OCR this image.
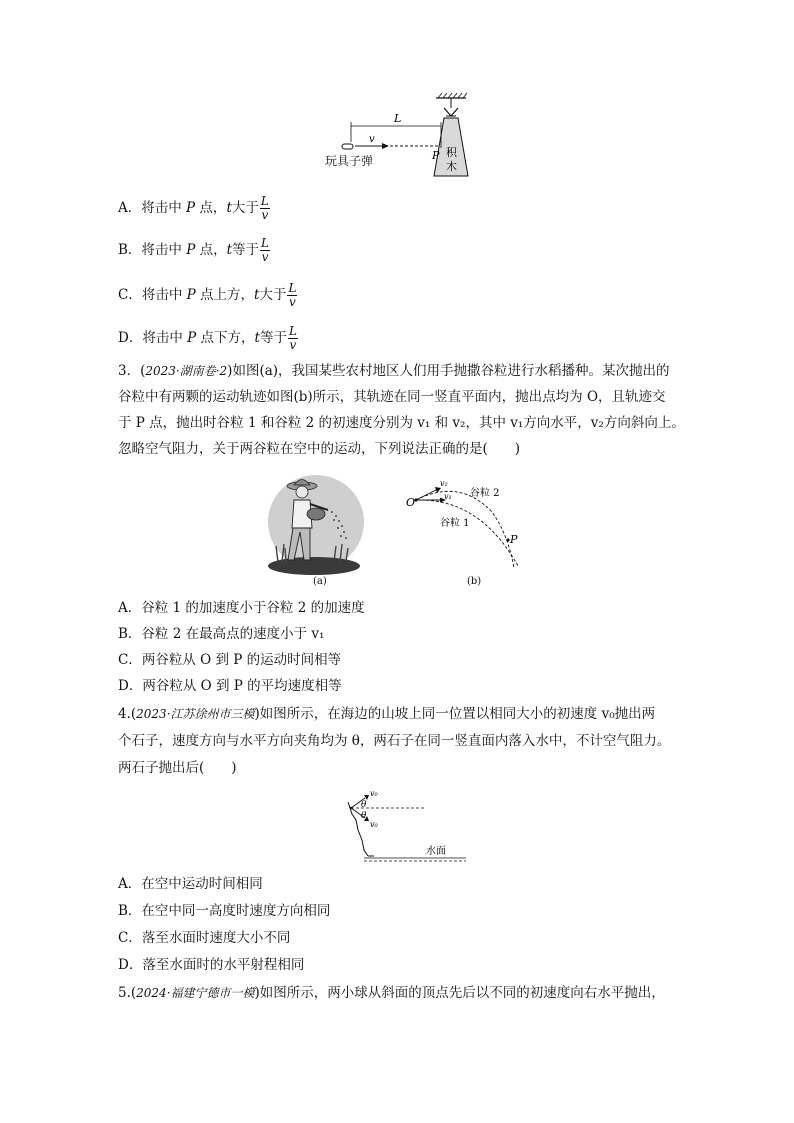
积
木
L
v
P
玩具子弹
A．将击中 P 点，t大于 $\frac{L}{v}$
B．将击中 P 点，t等于 $\frac{L}{v}$
C．将击中 P 点上方，t大于 $\frac{L}{v}$
D．将击中 P 点下方，t等于 $\frac{L}{v}$
3．(2023·湖南卷·2)如图(a)，我国某些农村地区人们用手抛撒谷粒进行水稻播种。某次抛出的
谷粒中有两颗的运动轨迹如图(b)所示，其轨迹在同一竖直平面内，抛出点均为 O，且轨迹交
于 P 点，抛出时谷粒 1 和谷粒 2 的初速度分别为 v₁ 和 v₂，其中 v₁方向水平，v₂方向斜向上。
忽略空气阻力，关于两谷粒在空中的运动，下列说法正确的是(　　)
(a)
O
v₂
v₁
P
谷粒 2
谷粒 1
(b)
A．谷粒 1 的加速度小于谷粒 2 的加速度
B．谷粒 2 在最高点的速度小于 v₁
C．两谷粒从 O 到 P 的运动时间相等
D．两谷粒从 O 到 P 的平均速度相等
4.(2023·江苏徐州市三模)如图所示，在海边的山坡上同一位置以相同大小的初速度 v₀抛出两
个石子，速度方向与水平方向夹角均为 θ，两石子在同一竖直面内落入水中，不计空气阻力。
两石子抛出后(　　)
v₀
θ
v₀
θ
水面
A．在空中运动时间相同
B．在空中同一高度时速度方向相同
C．落至水面时速度大小不同
D．落至水面时的水平射程相同
5.(2024·福建宁德市一模)如图所示，两小球从斜面的顶点先后以不同的初速度向右水平抛出，
